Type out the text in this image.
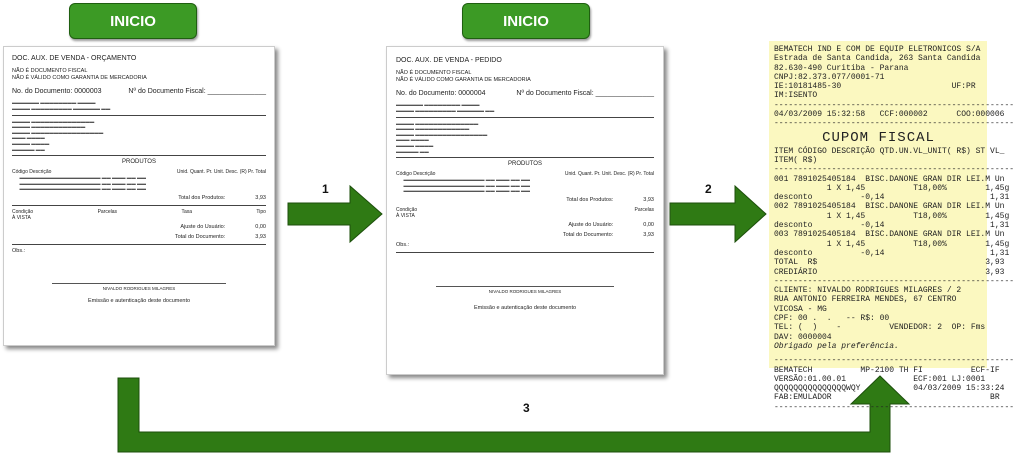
INICIO	INICIO
1	2
3
DOC. AUX. DE VENDA - ORÇAMENTO
NÃO É DOCUMENTO FISCAL
NÃO É VÁLIDO COMO GARANTIA DE MERCADORIA
No. do Documento: 0000003	Nº do Documento Fiscal: _______________
▬▬▬▬▬▬ ▬▬▬▬▬▬▬▬ ▬▬▬▬
▬▬▬▬ ▬▬▬▬▬▬▬▬▬ ▬▬▬▬▬▬ ▬▬
▬▬▬▬ ▬▬▬▬▬▬▬▬▬▬▬▬▬▬
▬▬▬▬ ▬▬▬▬▬▬▬▬▬▬▬▬
▬▬▬▬ ▬▬▬▬▬▬▬▬▬▬▬▬▬▬▬▬
▬▬▬ ▬▬▬▬
▬▬▬▬ ▬▬▬▬
▬▬▬▬▬ ▬▬
PRODUTOS
Código Descrição	Unid. Quant. Pr. Unit. Desc. (R) Pr. Total
▬▬▬▬▬▬▬▬▬▬▬▬▬▬▬▬▬▬ ▬▬ ▬▬▬ ▬▬ ▬▬
▬▬▬▬▬▬▬▬▬▬▬▬▬▬▬▬▬▬ ▬▬ ▬▬▬ ▬▬ ▬▬
▬▬▬▬▬▬▬▬▬▬▬▬▬▬▬▬▬▬ ▬▬ ▬▬▬ ▬▬ ▬▬
Total dos Produtos:	3,93
Condição	Parcelas	Taxa	Tipo
À VISTA
Ajuste do Usuário:	0,00
Total do Documento:	3,93
Obs.:
NIVALDO RODRIGUES MILAGRES
Emissão e autenticação deste documento
DOC. AUX. DE VENDA - PEDIDO
NÃO É DOCUMENTO FISCAL
NÃO É VÁLIDO COMO GARANTIA DE MERCADORIA
No. do Documento: 0000004	Nº do Documento Fiscal: _______________
▬▬▬▬▬▬ ▬▬▬▬▬▬▬▬ ▬▬▬▬
▬▬▬▬ ▬▬▬▬▬▬▬▬▬ ▬▬▬▬▬▬ ▬▬
▬▬▬▬ ▬▬▬▬▬▬▬▬▬▬▬▬▬▬
▬▬▬▬ ▬▬▬▬▬▬▬▬▬▬▬▬
▬▬▬▬ ▬▬▬▬▬▬▬▬▬▬▬▬▬▬▬▬
▬▬▬ ▬▬▬▬
▬▬▬▬ ▬▬▬▬
▬▬▬▬▬ ▬▬
PRODUTOS
Código Descrição	Unid. Quant. Pr. Unit. Desc. (R) Pr. Total
▬▬▬▬▬▬▬▬▬▬▬▬▬▬▬▬▬▬ ▬▬ ▬▬▬ ▬▬ ▬▬
▬▬▬▬▬▬▬▬▬▬▬▬▬▬▬▬▬▬ ▬▬ ▬▬▬ ▬▬ ▬▬
▬▬▬▬▬▬▬▬▬▬▬▬▬▬▬▬▬▬ ▬▬ ▬▬▬ ▬▬ ▬▬
Total dos Produtos:	3,93
Condição	Parcelas
À VISTA
Ajuste do Usuário:	0,00
Total do Documento:	3,93
Obs.:
NIVALDO RODRIGUES MILAGRES
Emissão e autenticação deste documento
BEMATECH IND E COM DE EQUIP ELETRONICOS S/A
Estrada de Santa Candida, 263 Santa Candida
82.630-490 Curitiba - Parana
CNPJ:82.373.077/0001-71
IE:10181485-30                       UF:PR
IM:ISENTO
--------------------------------------------------
04/03/2009 15:32:58   CCF:000002      COO:000006
--------------------------------------------------
CUPOM FISCAL
ITEM CÓDIGO DESCRIÇÃO QTD.UN.VL_UNIT( R$) ST VL_
ITEM( R$)
--------------------------------------------------
001 7891025405184  BISC.DANONE GRAN DIR LEI.M Un
1 X 1,45          T18,00%        1,45g
desconto          -0,14                      1,31
002 7891025405184  BISC.DANONE GRAN DIR LEI.M Un
1 X 1,45          T18,00%        1,45g
desconto          -0,14                      1,31
003 7891025405184  BISC.DANONE GRAN DIR LEI.M Un
1 X 1,45          T18,00%        1,45g
desconto          -0,14                      1,31
TOTAL  R$                                   3,93
CREDIÁRIO                                   3,93
--------------------------------------------------
CLIENTE: NIVALDO RODRIGUES MILAGRES / 2
RUA ANTONIO FERREIRA MENDES, 67 CENTRO
VICOSA - MG
CPF: 00 .  .   -- R$: 00
TEL: (  )    -          VENDEDOR: 2  OP: Fms
DAV: 0000004
Obrigado pela preferência.
--------------------------------------------------
BEMATECH          MP-2100 TH FI          ECF-IF
VERSÃO:01.00.01              ECF:001 LJ:0001
QQQQQQQQQQQQQQQWQY           04/03/2009 15:33:24
FAB:EMULADOR                                 BR
--------------------------------------------------
